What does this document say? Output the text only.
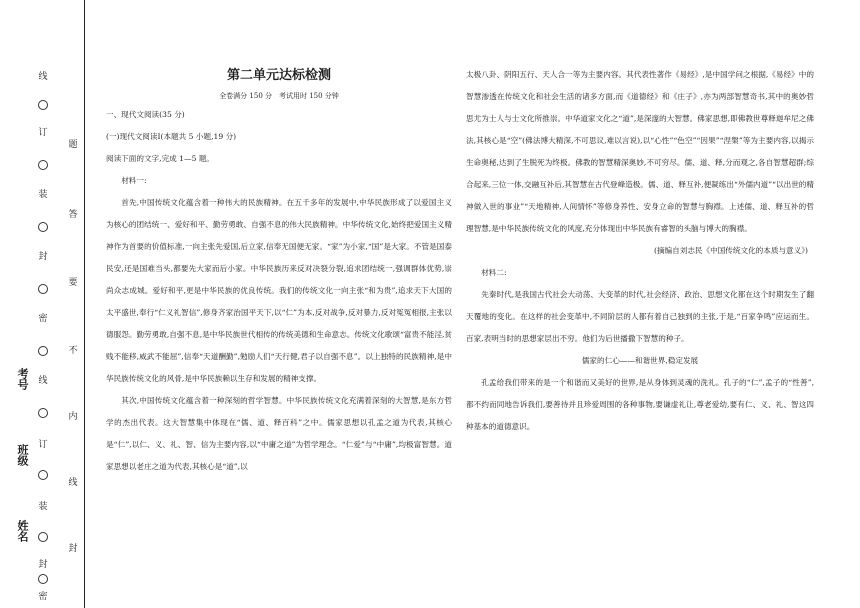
线
订
装
封
密
线
订
装
封
密
题
答
要
不
内
线
封
考号
班级
姓名
第二单元达标检测
全卷满分 150 分　考试用时 150 分钟

一、现代文阅读(35 分)

(一)现代文阅读Ⅰ(本题共 5 小题,19 分)

阅读下面的文字,完成 1—5 题。

材料一:

首先,中国传统文化蕴含着一种伟大的民族精神。在五千多年的发展中,中华民族形成了以爱国主义为核心的团结统一、爱好和平、勤劳勇敢、自强不息的伟大民族精神。中华传统文化,始终把爱国主义精神作为首要的价值标准,一向主张先爱国,后立家,信奉无国便无家。“家”为小家,“国”是大家。不管是国泰民安,还是国难当头,都要先大家而后小家。中华民族历来反对决裂分裂,追求团结统一,强调群体优势,崇尚众志成城。爱好和平,更是中华民族的优良传统。我们的传统文化一向主张“和为贵”,追求天下大国的太平盛世,奉行“仁义礼智信”,修身齐家治国平天下,以“仁”为本,反对战争,反对暴力,反对冤冤相报,主张以德服怨。勤劳勇敢,自强不息,是中华民族世代相传的传统美德和生命意志。传统文化歌颂“富贵不能淫,贫贱不能移,威武不能屈”,信奉“天道酬勤”,勉励人们“天行健,君子以自强不息”。以上独特的民族精神,是中华民族传统文化的风骨,是中华民族赖以生存和发展的精神支撑。

其次,中国传统文化蕴含着一种深刻的哲学智慧。中华民族传统文化充满着深刻的大智慧,是东方哲学的杰出代表。这大智慧集中体现在“儒、道、释百科”之中。儒家思想以孔孟之道为代表,其核心是“仁”,以仁、义、礼、智、信为主要内容,以“中庸之道”为哲学理念。“仁爱”与“中庸”,均极富智慧。道家思想以老庄之道为代表,其核心是“道”,以

太极八卦、阴阳五行、天人合一等为主要内容。其代表性著作《易经》,是中国学问之根据,《易经》中的智慧渗透在传统文化和社会生活的诸多方面,而《道德经》和《庄子》,亦为两部智慧奇书,其中的奥妙哲思尤为士人与士文化所推崇。中华道家文化之“道”,是深邃的大智慧。佛家思想,即佛教世尊释迦牟尼之佛法,其核心是“空”(佛法博大精深,不可思议,难以言说),以“心性”“色空”“因果”“涅槃”等为主要内容,以揭示生命奥秘,达到了生脱死为终极。佛教的智慧精深奥妙,不可穷尽。儒、道、释,分而观之,各自智慧超群;综合起来,三位一体,交融互补后,其智慧在古代登峰造极。儒、道、释互补,便凝练出“外儒内道”“以出世的精神做入世的事业”“天地精神,人间情怀”等修身养性、安身立命的智慧与胸襟。上述儒、道、释互补的哲理智慧,是中华民族传统文化的风度,充分体现出中华民族有睿智的头脑与博大的胸襟。

(摘编自刘志民《中国传统文化的本质与意义》)

材料二:

先秦时代,是我国古代社会大动荡、大变革的时代,社会经济、政治、思想文化都在这个时期发生了翻天覆地的变化。在这样的社会变革中,不同阶层的人都有着自己独到的主张,于是,“百家争鸣”应运而生。百家,表明当时的思想家层出不穷。他们为后世播撒下智慧的种子。

儒家的仁心——和谐世界,稳定发展

孔孟给我们带来的是一个和谐而又美好的世界,是从身体到灵魂的洗礼。孔子的“仁”,孟子的“性善”,都不约而同地告诉我们,要善待并且珍爱周围的各种事物,要谦虚礼让,尊老爱幼,要有仁、义、礼、智这四种基本的道德意识。
